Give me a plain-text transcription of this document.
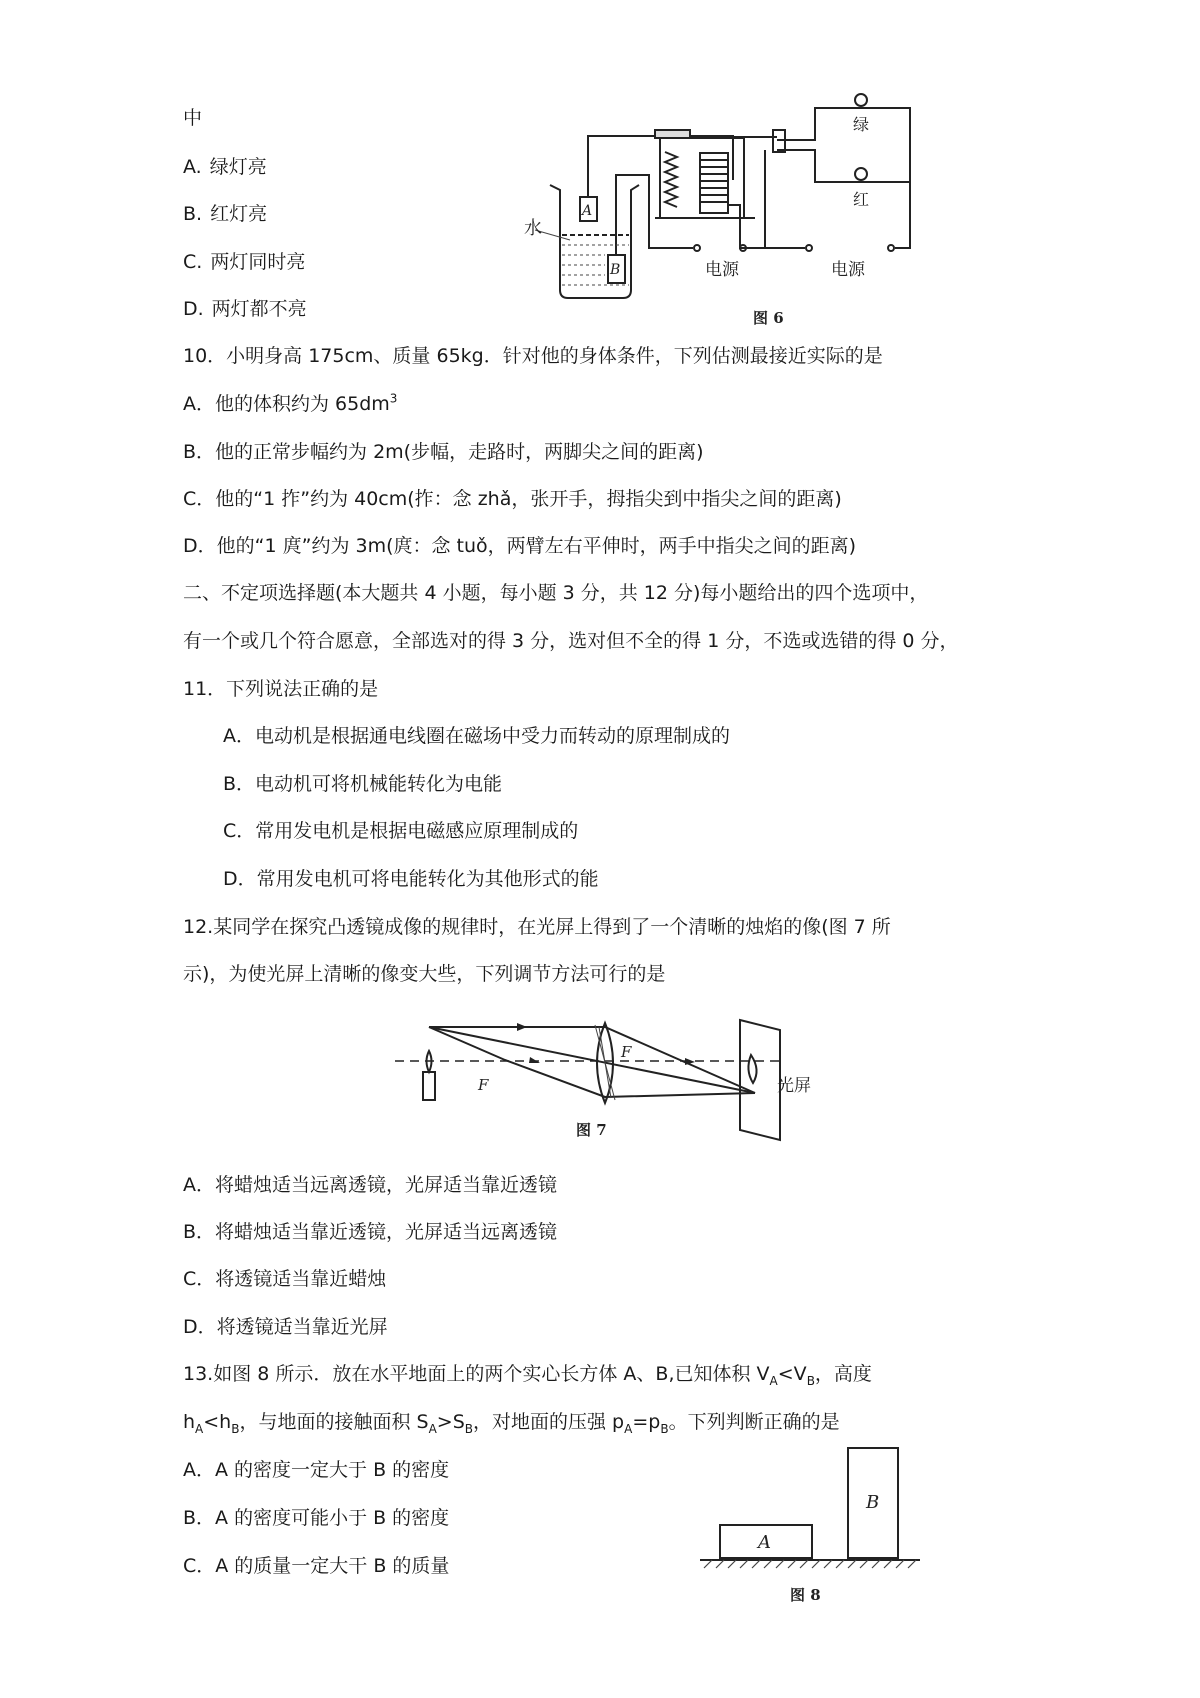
中
A. 绿灯亮
B. 红灯亮
C. 两灯同时亮
D. 两灯都不亮
水
A
B	电源	电源
绿
红
图 6
10．小明身高 175cm、质量 65kg．针对他的身体条件，下列估测最接近实际的是
A．他的体积约为 $65dm^3$
B．他的正常步幅约为 2m(步幅，走路时，两脚尖之间的距离)
C．他的“1 拃”约为 40cm(拃：念 zhǎ，张开手，拇指尖到中指尖之间的距离)
D．他的“1 庹”约为 3m(庹：念 tuǒ，两臂左右平伸时，两手中指尖之间的距离)
二、不定项选择题(本大题共 4 小题，每小题 3 分，共 12 分)每小题给出的四个选项中，
有一个或几个符合愿意，全部选对的得 3 分，选对但不全的得 1 分，不选或选错的得 0 分，
11．下列说法正确的是
A．电动机是根据通电线圈在磁场中受力而转动的原理制成的
B．电动机可将机械能转化为电能
C．常用发电机是根据电磁感应原理制成的
D．常用发电机可将电能转化为其他形式的能
12.某同学在探究凸透镜成像的规律时，在光屏上得到了一个清晰的烛焰的像(图 7 所
示)，为使光屏上清晰的像变大些，下列调节方法可行的是
F
F
光屏
图 7
A．将蜡烛适当远离透镜，光屏适当靠近透镜
B．将蜡烛适当靠近透镜，光屏适当远离透镜
C．将透镜适当靠近蜡烛
D．将透镜适当靠近光屏
13.如图 8 所示．放在水平地面上的两个实心长方体 A、B,已知体积 $V_A<V_B$，高度
$h_A<h_B$，与地面的接触面积 $S_A>S_B$，对地面的压强 $p_A=p_B$。下列判断正确的是
A．A 的密度一定大于 B 的密度
B．A 的密度可能小于 B 的密度
C．A 的质量一定大干 B 的质量
A
B
图 8
